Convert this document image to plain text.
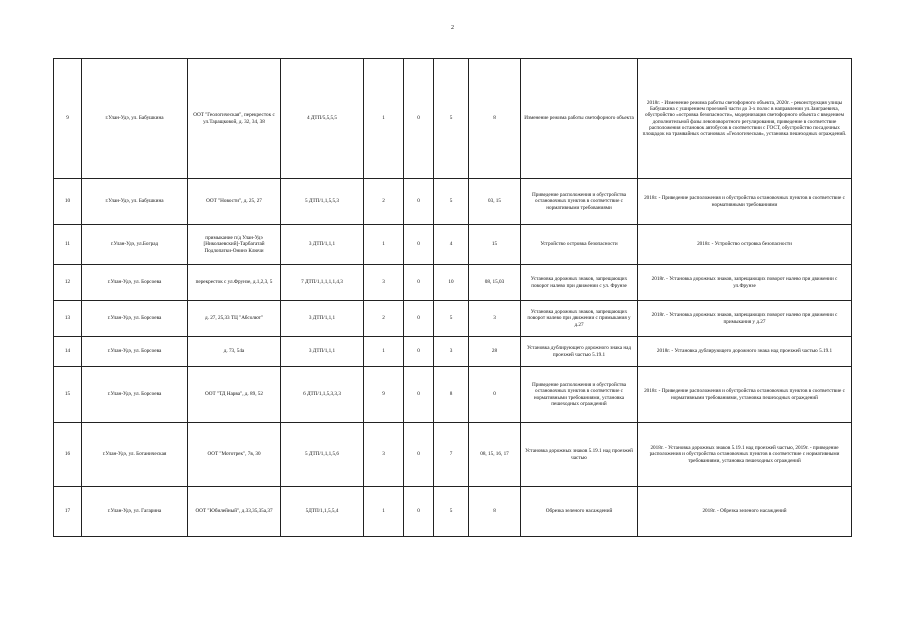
2
9	г.Улан-Удэ, ул. Бабушкина	ООТ "Геологическая", перекресток с ул.Таращковой, д. 32, 34, 38	4 ДТП/5,5,5,5	1	0	5	8	Изменение режима работы светофорного объекта	2018г. - Изменение режима работы светофорного объекта, 2020г. - реконструкция улицы Бабушкина с уширением проезжей части до 3-х полос в направлении ул.Заиграевича, обустройство «островка безопасности», модернизация светофорного объекта с введением дополнительной фазы левоповоротного регулирования, приведение в соответствие расположения остановок автобусов в соответствии с ГОСТ, обустройство посадочных площадок на трамвайных остановках «Геологическая», установка пешеходных ограждений.
10	г.Улан-Удэ, ул. Бабушкина	ООТ "Новости", д. 25, 27	5 ДТП/1,1,5,5,3	2	0	5	03, 15	Приведение расположения и обустройства остановочных пунктов в соответствие с нормативными требованиями	2018г. - Приведение расположения и обустройства остановочных пунктов в соответствие с нормативными требованиями
11	г.Улан-Удэ, ул.Боград	примыкание п/д Улан-Удэ [Николаевский]-Тарбагатай Подлопатки-Онинэ Ключи	3 ДТП/1,1,1	1	0	4	15	Устройство островка безопасности	2018г. - Устройство островка безопасности
12	г.Улан-Удэ, ул. Борсоева	перекресток с ул.Фрунзе, д.1,2,3, 5	7 ДТП/1,1,1,1,1,4,3	3	0	10	08, 15,03	Установка дорожных знаков, запрещающих поворот налево при движении с ул. Фрунзе	2018г. - Установка дорожных знаков, запрещающих поворот налево при движении с ул.Фрунзе
13	г.Улан-Удэ, ул. Борсоева	д. 27, 25,33 ТЦ "Абсолют"	3 ДТП/1,1,1	2	0	5	3	Установка дорожных знаков, запрещающих поворот налево при движении с примыкания у д.27	2018г. - Установка дорожных знаков, запрещающих поворот налево при движении с примыкания у д.27
14	г.Улан-Удэ, ул. Борсоева	д. 73, 54а	3 ДТП/1,1,1	1	0	3	28	Установка дублирующего дорожного знака над проезжей частью 5.19.1	2018г. - Установка дублирующего дорожного знака над проезжей частью 5.19.1
15	г.Улан-Удэ, ул. Борсоева	ООТ "ТД Нарва", д. 89, 52	6 ДТП/1,1,5,3,3,3	9	0	8	0	Приведение расположения и обустройства остановочных пунктов в соответствие с нормативными требованиями, установка пешеходных ограждений	2018г. - Приведение расположения и обустройства остановочных пунктов в соответствие с нормативными требованиями, установка пешеходных ограждений
16	г.Улан-Удэ, ул. Ботаническая	ООТ "Мототрек", 7в, 30	5 ДТП/1,1,1,5,6	3	0	7	08, 15, 16, 17	Установка дорожных знаков 5.19.1 над проезжей частью	2018г. - Установка дорожных знаков 5.19.1 над проезжей частью, 2019г. - приведение расположения и обустройства остановочных пунктов в соответствие с нормативными требованиями, установка пешеходных ограждений
17	г.Улан-Удэ, ул. Гагарина	ООТ "Юбилейный", д.33,35,35а,37	5ДТП/1,1,5,5,4	1	0	5	8	Обрезка зеленого насаждений	2018г. - Обрезка зеленого насаждений
